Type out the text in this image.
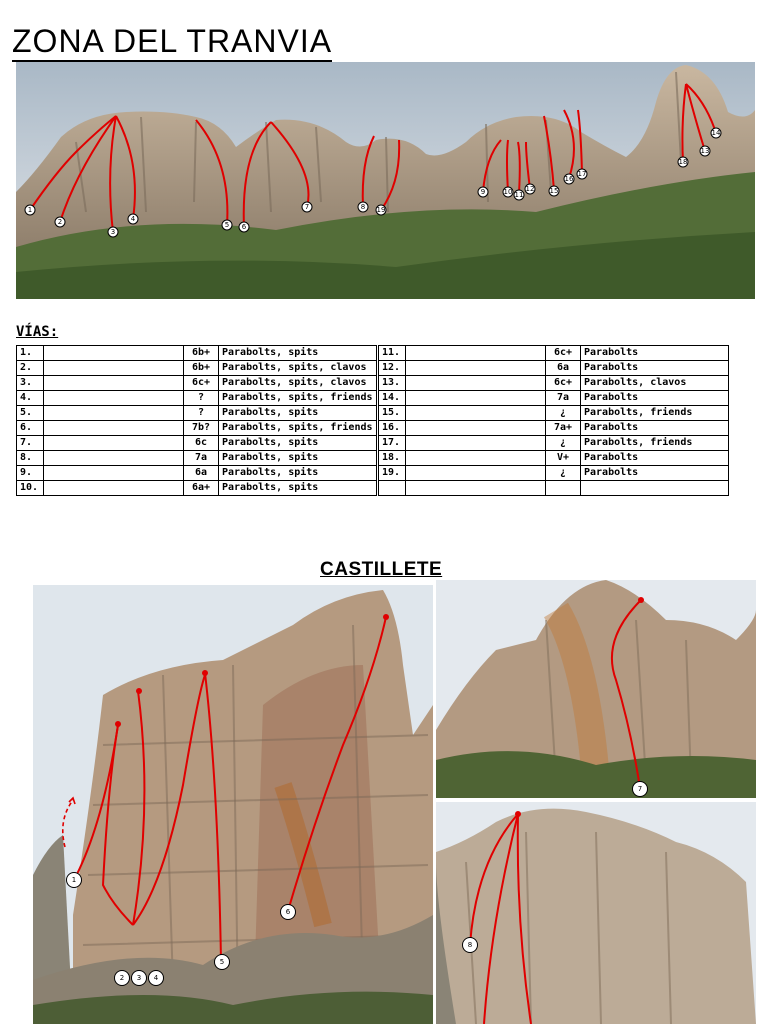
ZONA DEL TRANVIA
1
2
3
4
5 6
7	8 19
9	10 11
12 15
16
17
18
13
14
VÍAS:
1.		6b+	Parabolts, spits
2.		6b+	Parabolts, spits, clavos
3.		6c+	Parabolts, spits, clavos
4.		?	Parabolts, spits, friends
5.		?	Parabolts, spits
6.		7b?	Parabolts, spits, friends
7.		6c	Parabolts, spits
8.		7a	Parabolts, spits
9.		6a	Parabolts, spits
10.		6a+	Parabolts, spits
11.		6c+	Parabolts
12.		6a	Parabolts
13.		6c+	Parabolts, clavos
14.		7a	Parabolts
15.		¿	Parabolts, friends
16.		7a+	Parabolts
17.		¿	Parabolts, friends
18.		V+	Parabolts
19.		¿	Parabolts

CASTILLETE
1
2 3 4
5
6
7
8
